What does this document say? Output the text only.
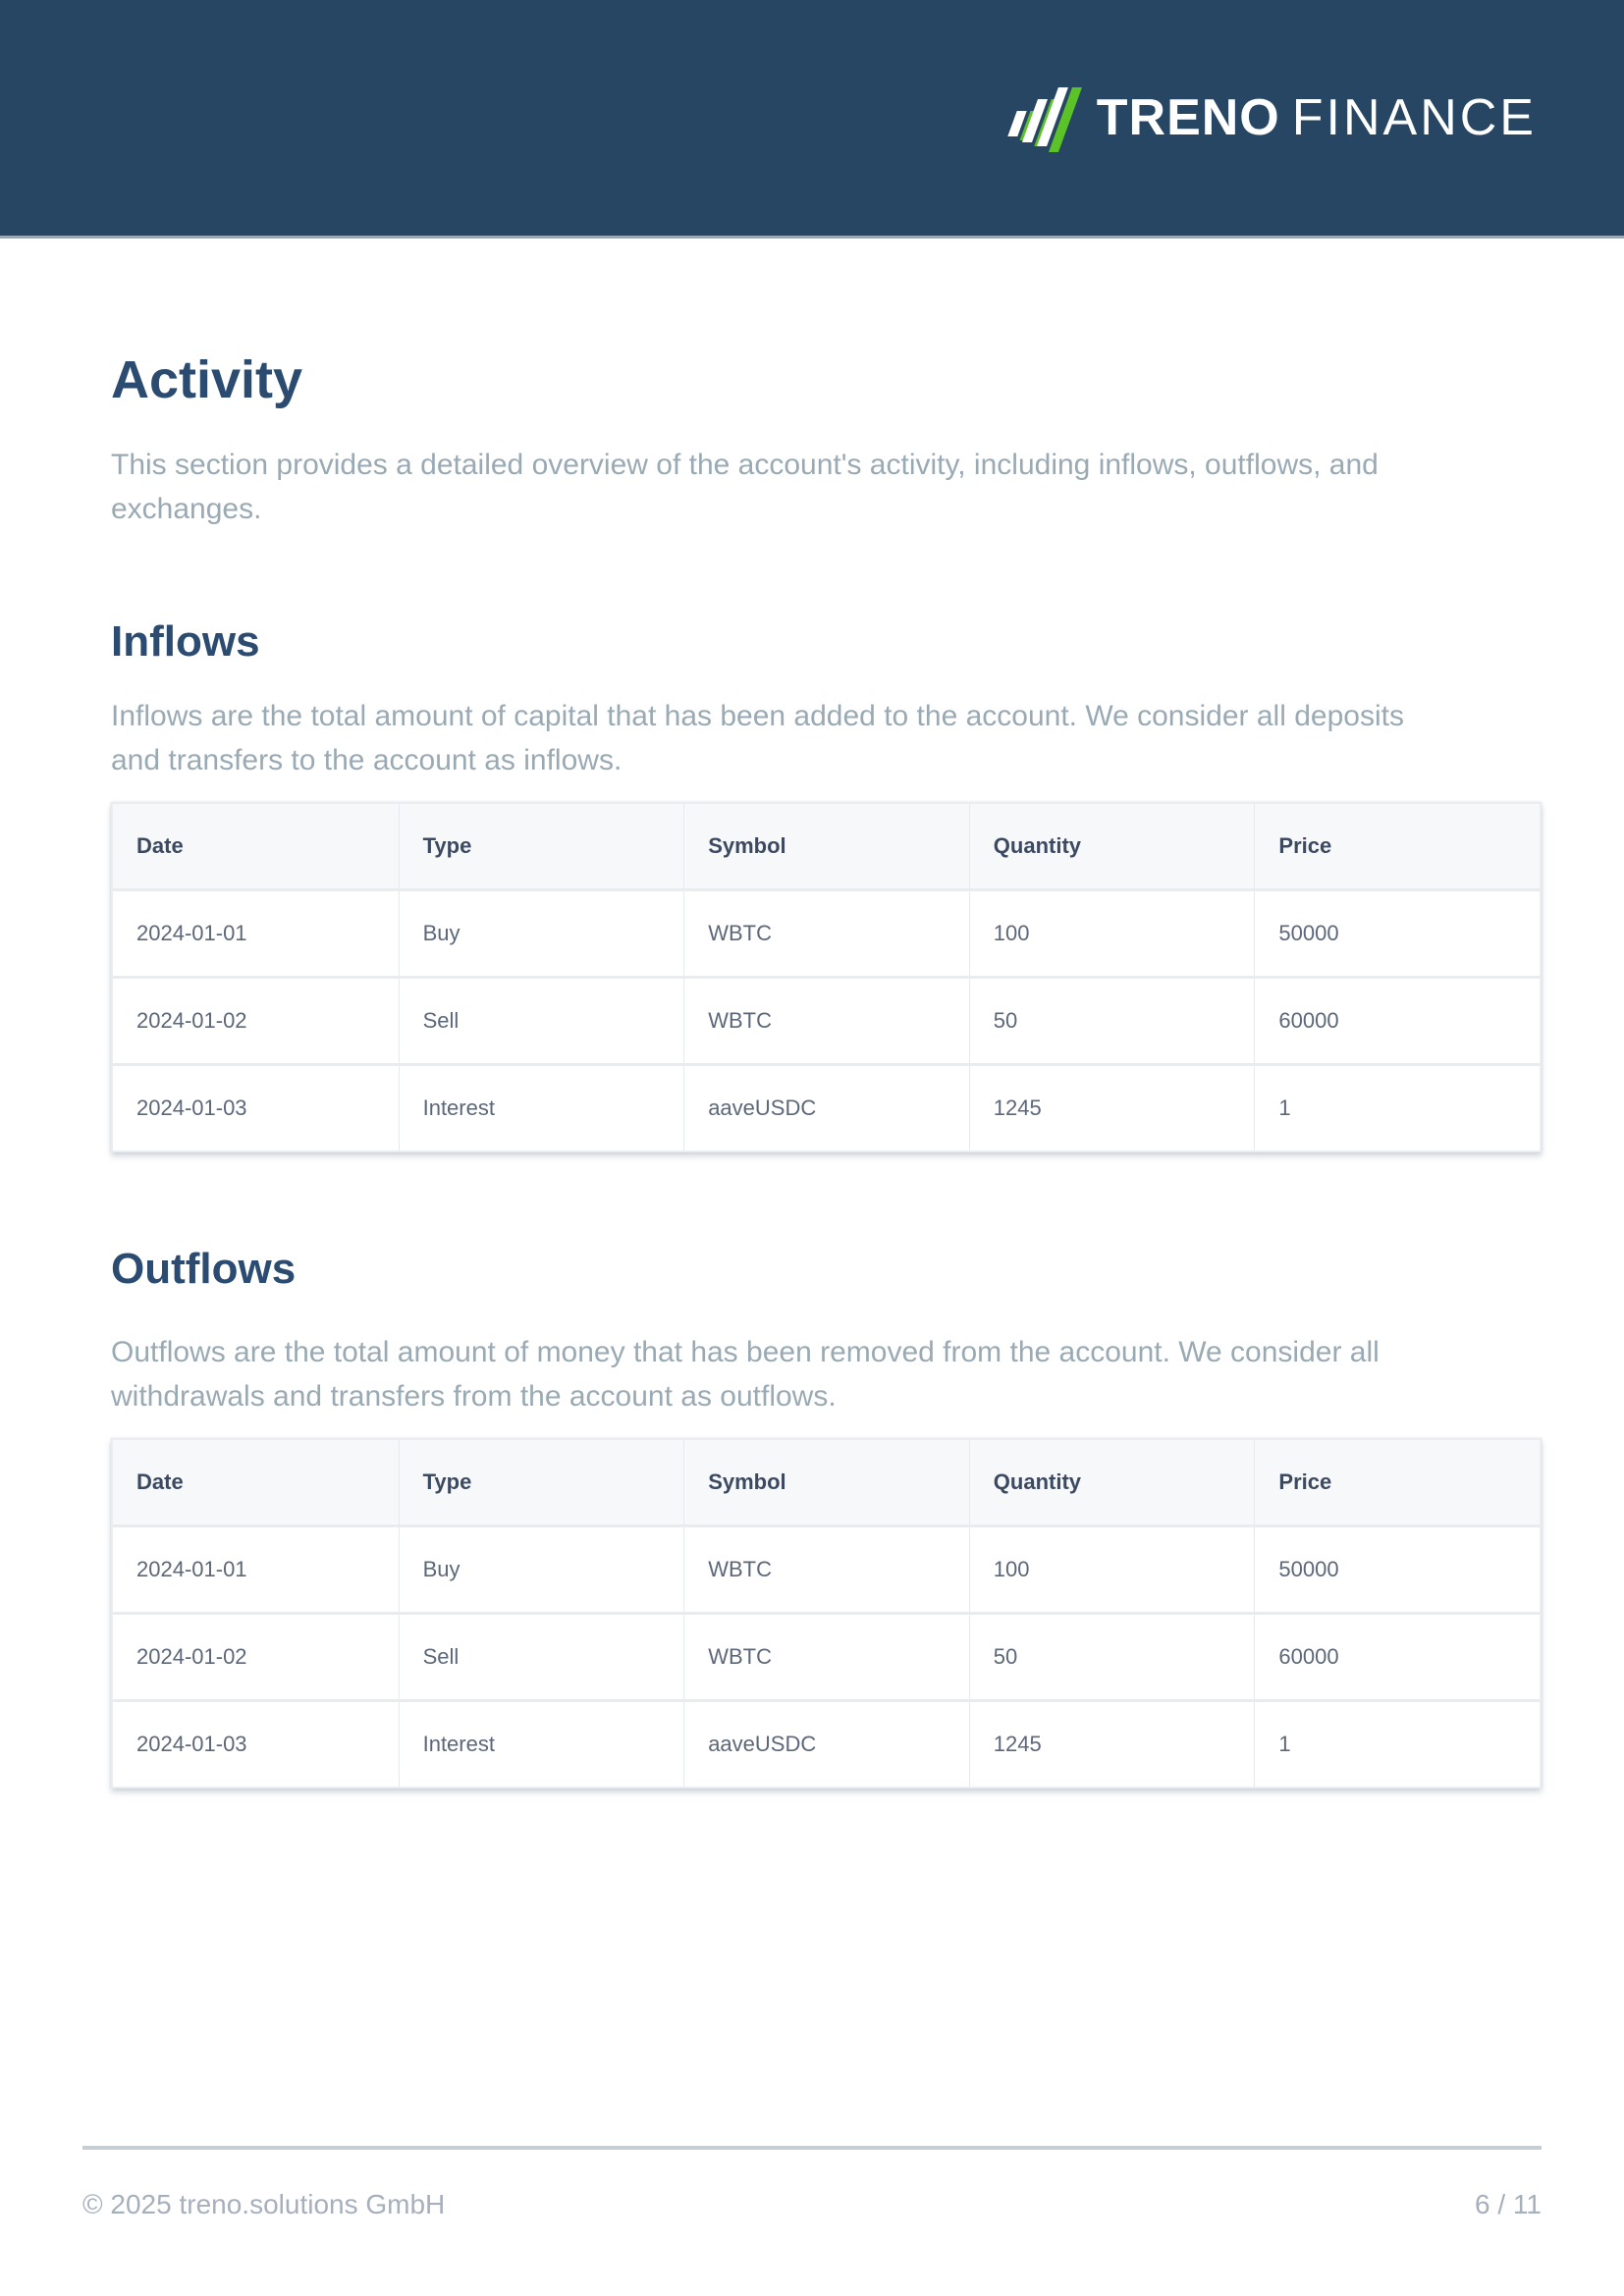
TRENO FINANCE
Activity

This section provides a detailed overview of the account's activity, including inflows, outflows, and exchanges.

Inflows

Inflows are the total amount of capital that has been added to the account. We consider all deposits and transfers to the account as inflows.

Date	Type	Symbol	Quantity	Price
2024-01-01	Buy	WBTC	100	50000
2024-01-02	Sell	WBTC	50	60000
2024-01-03	Interest	aaveUSDC	1245	1
Outflows

Outflows are the total amount of money that has been removed from the account. We consider all withdrawals and transfers from the account as outflows.

Date	Type	Symbol	Quantity	Price
2024-01-01	Buy	WBTC	100	50000
2024-01-02	Sell	WBTC	50	60000
2024-01-03	Interest	aaveUSDC	1245	1
© 2025 treno.solutions GmbH	6 / 11
